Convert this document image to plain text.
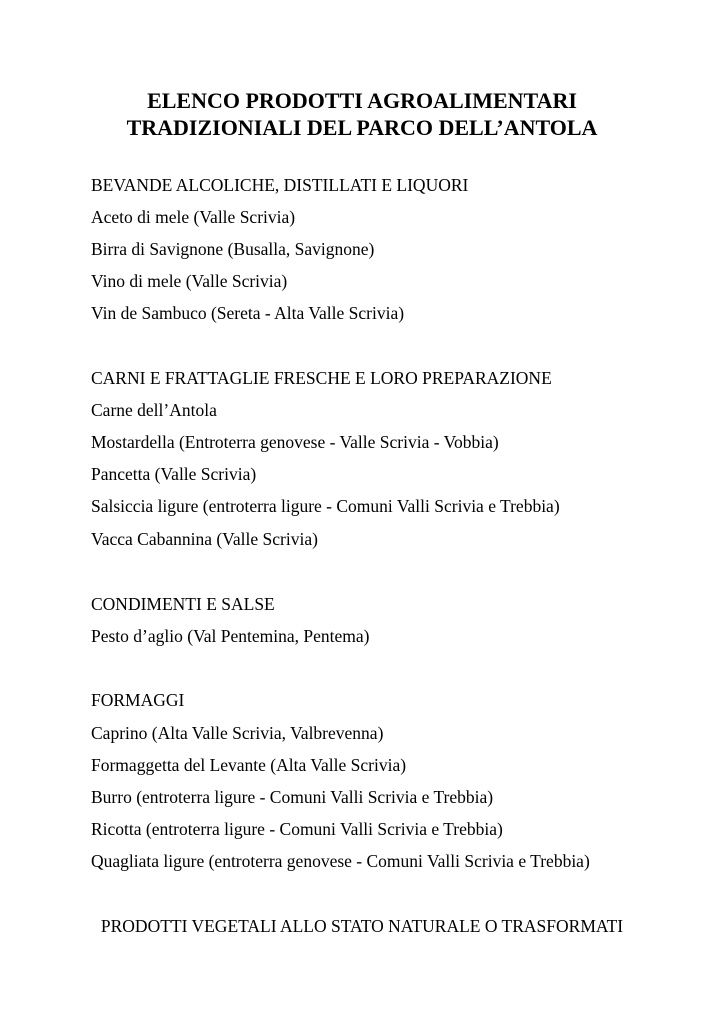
ELENCO PRODOTTI AGROALIMENTARI
TRADIZIONIALI DEL PARCO DELL’ANTOLA
BEVANDE ALCOLICHE, DISTILLATI E LIQUORI
Aceto di mele (Valle Scrivia)
Birra di Savignone (Busalla, Savignone)
Vino di mele (Valle Scrivia)
Vin de Sambuco (Sereta - Alta Valle Scrivia)
CARNI E FRATTAGLIE FRESCHE E LORO PREPARAZIONE
Carne dell’Antola
Mostardella (Entroterra genovese - Valle Scrivia - Vobbia)
Pancetta (Valle Scrivia)
Salsiccia ligure (entroterra ligure - Comuni Valli Scrivia e Trebbia)
Vacca Cabannina (Valle Scrivia)
CONDIMENTI E SALSE
Pesto d’aglio (Val Pentemina, Pentema)
FORMAGGI
Caprino (Alta Valle Scrivia, Valbrevenna)
Formaggetta del Levante (Alta Valle Scrivia)
Burro (entroterra ligure - Comuni Valli Scrivia e Trebbia)
Ricotta (entroterra ligure - Comuni Valli Scrivia e Trebbia)
Quagliata ligure (entroterra genovese - Comuni Valli Scrivia e Trebbia)
PRODOTTI VEGETALI ALLO STATO NATURALE O TRASFORMATI
